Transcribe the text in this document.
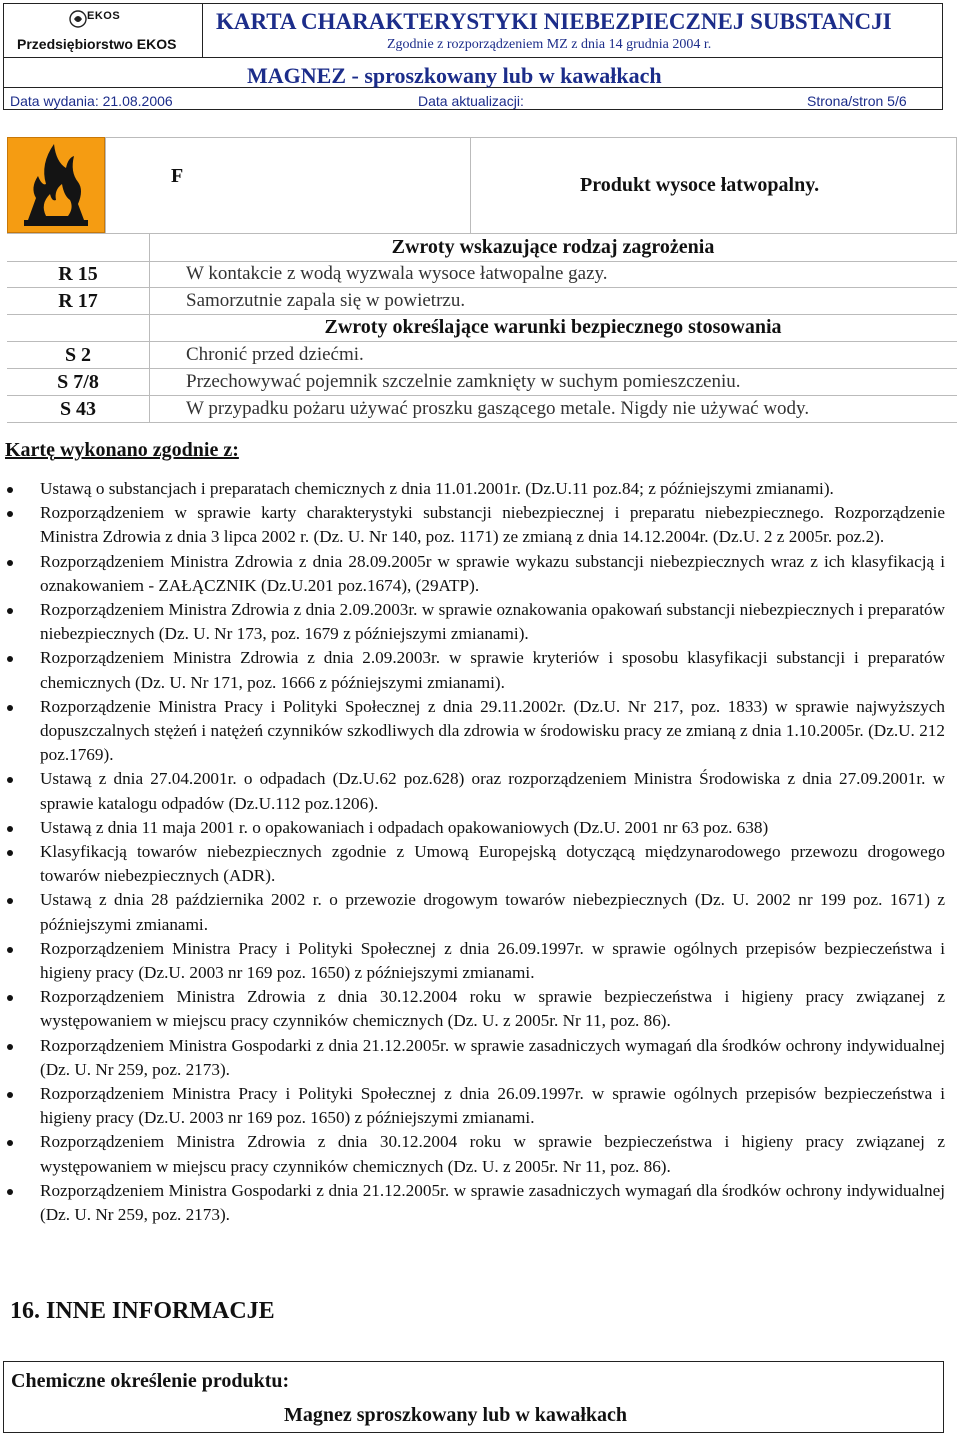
EKOS
Przedsiębiorstwo EKOS
KARTA CHARAKTERYSTYKI NIEBEZPIECZNEJ SUBSTANCJI
Zgodnie z rozporządzeniem MZ z dnia 14 grudnia 2004 r.
MAGNEZ - sproszkowany lub w kawałkach
Data wydania: 21.08.2006	Data aktualizacji:	Strona/stron 5/6
F	Produkt wysoce łatwopalny.
Zwroty wskazujące rodzaj zagrożenia
R 15	W kontakcie z wodą wyzwala wysoce łatwopalne gazy.
R 17	Samorzutnie zapala się w powietrzu.
Zwroty określające warunki bezpiecznego stosowania
S 2	Chronić przed dziećmi.
S 7/8	Przechowywać pojemnik szczelnie zamknięty w suchym pomieszczeniu.
S 43	W przypadku pożaru używać proszku gaszącego metale. Nigdy nie używać wody.
Kartę wykonano zgodnie z:
Ustawą o substancjach i preparatach chemicznych z dnia 11.01.2001r. (Dz.U.11 poz.84; z późniejszymi zmianami).
Rozporządzeniem w sprawie karty charakterystyki substancji niebezpiecznej i preparatu niebezpiecznego. Rozporządzenie Ministra Zdrowia z dnia 3 lipca 2002 r. (Dz. U. Nr 140, poz. 1171) ze zmianą z dnia 14.12.2004r. (Dz.U. 2 z 2005r. poz.2).
Rozporządzeniem Ministra Zdrowia z dnia 28.09.2005r w sprawie wykazu substancji niebezpiecznych wraz z ich klasyfikacją i oznakowaniem - ZAŁĄCZNIK (Dz.U.201 poz.1674), (29ATP).
Rozporządzeniem Ministra Zdrowia z dnia 2.09.2003r. w sprawie oznakowania opakowań substancji niebezpiecznych i preparatów niebezpiecznych (Dz. U. Nr 173, poz. 1679 z późniejszymi zmianami).
Rozporządzeniem Ministra Zdrowia z dnia 2.09.2003r. w sprawie kryteriów i sposobu klasyfikacji substancji i preparatów chemicznych (Dz. U. Nr 171, poz. 1666 z późniejszymi zmianami).
Rozporządzenie Ministra Pracy i Polityki Społecznej z dnia 29.11.2002r. (Dz.U. Nr 217, poz. 1833) w sprawie najwyższych dopuszczalnych stężeń i natężeń czynników szkodliwych dla zdrowia w środowisku pracy ze zmianą z dnia 1.10.2005r. (Dz.U. 212 poz.1769).
Ustawą z dnia 27.04.2001r. o odpadach (Dz.U.62 poz.628) oraz rozporządzeniem Ministra Środowiska z dnia 27.09.2001r. w sprawie katalogu odpadów (Dz.U.112 poz.1206).
Ustawą z dnia 11 maja 2001 r. o opakowaniach i odpadach opakowaniowych (Dz.U. 2001 nr 63 poz. 638)
Klasyfikacją towarów niebezpiecznych zgodnie z Umową Europejską dotyczącą międzynarodowego przewozu drogowego towarów niebezpiecznych (ADR).
Ustawą z dnia 28 października 2002 r. o przewozie drogowym towarów niebezpiecznych (Dz. U. 2002 nr 199 poz. 1671) z późniejszymi zmianami.
Rozporządzeniem Ministra Pracy i Polityki Społecznej z dnia 26.09.1997r. w sprawie ogólnych przepisów bezpieczeństwa i higieny pracy (Dz.U. 2003 nr 169 poz. 1650) z późniejszymi zmianami.
Rozporządzeniem Ministra Zdrowia z dnia 30.12.2004 roku w sprawie bezpieczeństwa i higieny pracy związanej z występowaniem w miejscu pracy czynników chemicznych (Dz. U. z 2005r. Nr 11, poz. 86).
Rozporządzeniem Ministra Gospodarki z dnia 21.12.2005r. w sprawie zasadniczych wymagań dla środków ochrony indywidualnej (Dz. U. Nr 259, poz. 2173).
Rozporządzeniem Ministra Pracy i Polityki Społecznej z dnia 26.09.1997r. w sprawie ogólnych przepisów bezpieczeństwa i higieny pracy (Dz.U. 2003 nr 169 poz. 1650) z późniejszymi zmianami.
Rozporządzeniem Ministra Zdrowia z dnia 30.12.2004 roku w sprawie bezpieczeństwa i higieny pracy związanej z występowaniem w miejscu pracy czynników chemicznych (Dz. U. z 2005r. Nr 11, poz. 86).
Rozporządzeniem Ministra Gospodarki z dnia 21.12.2005r. w sprawie zasadniczych wymagań dla środków ochrony indywidualnej (Dz. U. Nr 259, poz. 2173).
16. INNE INFORMACJE
Chemiczne określenie produktu:
Magnez sproszkowany lub w kawałkach
